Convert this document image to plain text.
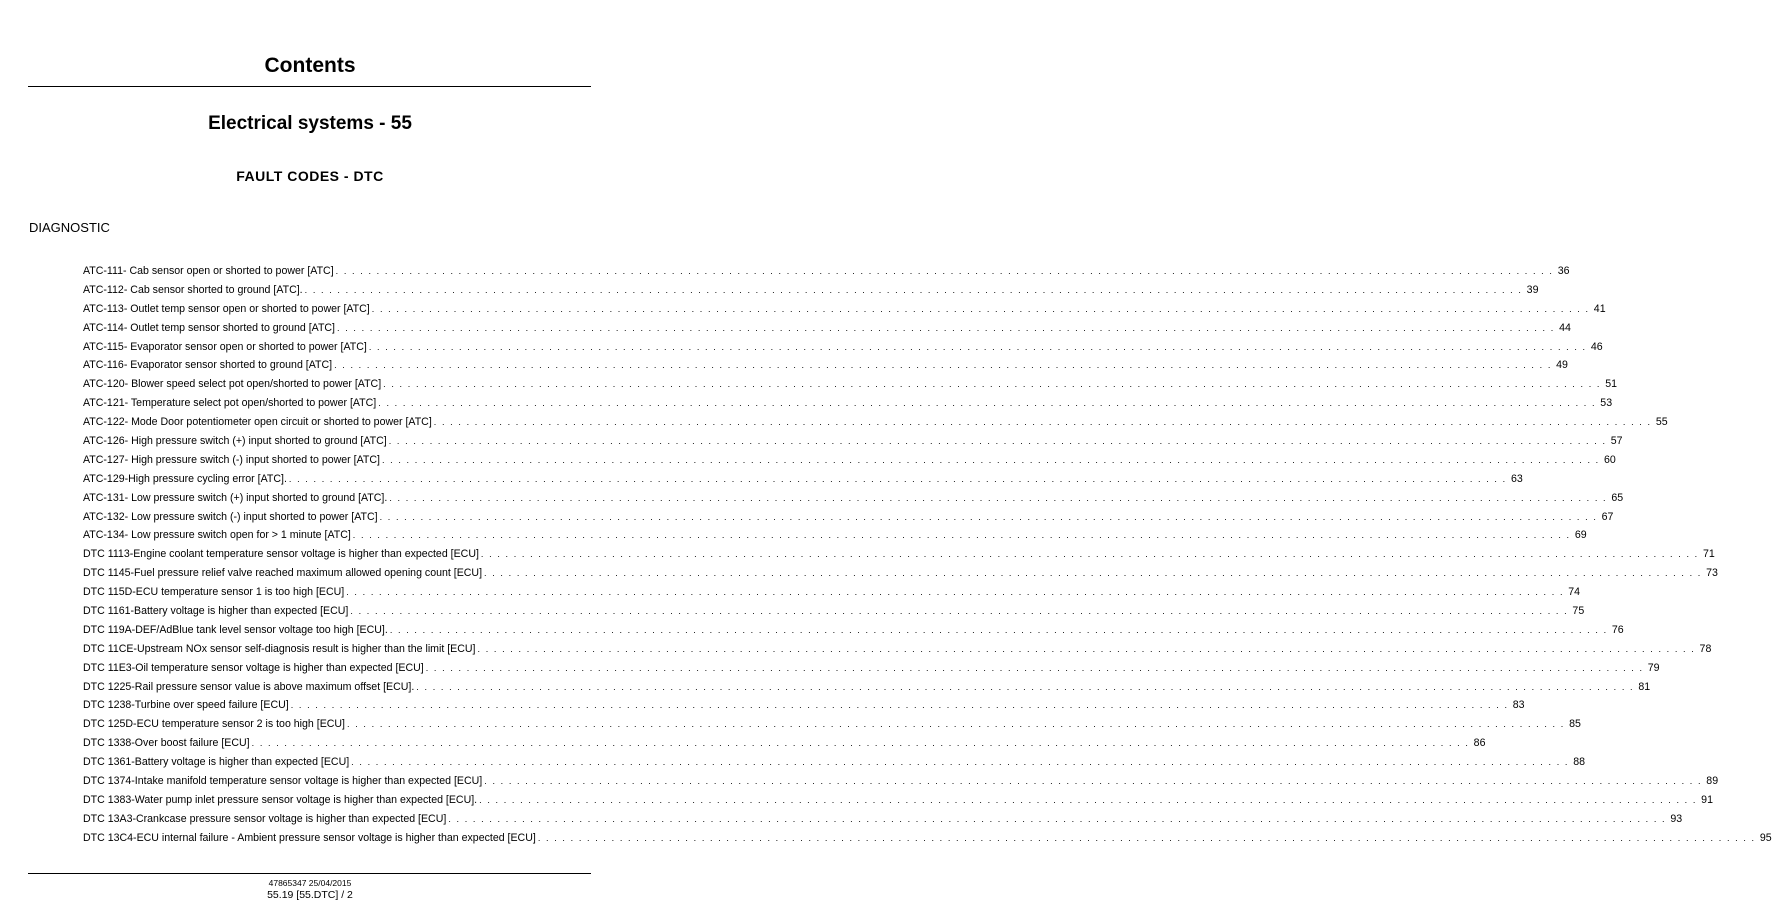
Contents
Electrical systems - 55
FAULT CODES - DTC
DIAGNOSTIC
ATC-111- Cab sensor open or shorted to power [ATC] . . .	36
ATC-112- Cab sensor shorted to ground [ATC]. . . .	39
ATC-113- Outlet temp sensor open or shorted to power [ATC] . . .	41
ATC-114- Outlet temp sensor shorted to ground [ATC] . . .	44
ATC-115- Evaporator sensor open or shorted to power [ATC] . . .	46
ATC-116- Evaporator sensor shorted to ground [ATC] . . .	49
ATC-120- Blower speed select pot open/shorted to power [ATC] . . .	51
ATC-121- Temperature select pot open/shorted to power [ATC] . . .	53
ATC-122- Mode Door potentiometer open circuit or shorted to power [ATC] . . .	55
ATC-126- High pressure switch (+) input shorted to ground [ATC] . . .	57
ATC-127- High pressure switch (-) input shorted to power [ATC] . . .	60
ATC-129-High pressure cycling error [ATC]. . . .	63
ATC-131- Low pressure switch (+) input shorted to ground [ATC]. . . .	65
ATC-132- Low pressure switch (-) input shorted to power [ATC] . . .	67
ATC-134- Low pressure switch open for > 1 minute [ATC] . . .	69
DTC 1113-Engine coolant temperature sensor voltage is higher than expected [ECU] . . .	71
DTC 1145-Fuel pressure relief valve reached maximum allowed opening count [ECU] . . .	73
DTC 115D-ECU temperature sensor 1 is too high [ECU] . . .	74
DTC 1161-Battery voltage is higher than expected [ECU] . . .	75
DTC 119A-DEF/AdBlue tank level sensor voltage too high [ECU]. . . .	76
DTC 11CE-Upstream NOx sensor self-diagnosis result is higher than the limit [ECU] . . .	78
DTC 11E3-Oil temperature sensor voltage is higher than expected [ECU] . . .	79
DTC 1225-Rail pressure sensor value is above maximum offset [ECU]. . . .	81
DTC 1238-Turbine over speed failure [ECU] . . .	83
DTC 125D-ECU temperature sensor 2 is too high [ECU] . . .	85
DTC 1338-Over boost failure [ECU] . . .	86
DTC 1361-Battery voltage is higher than expected [ECU] . . .	88
DTC 1374-Intake manifold temperature sensor voltage is higher than expected [ECU] . . .	89
DTC 1383-Water pump inlet pressure sensor voltage is higher than expected [ECU]. . . .	91
DTC 13A3-Crankcase pressure sensor voltage is higher than expected [ECU] . . .	93
DTC 13C4-ECU internal failure - Ambient pressure sensor voltage is higher than expected [ECU] . . .	95
47865347 25/04/2015
55.19 [55.DTC] / 2
